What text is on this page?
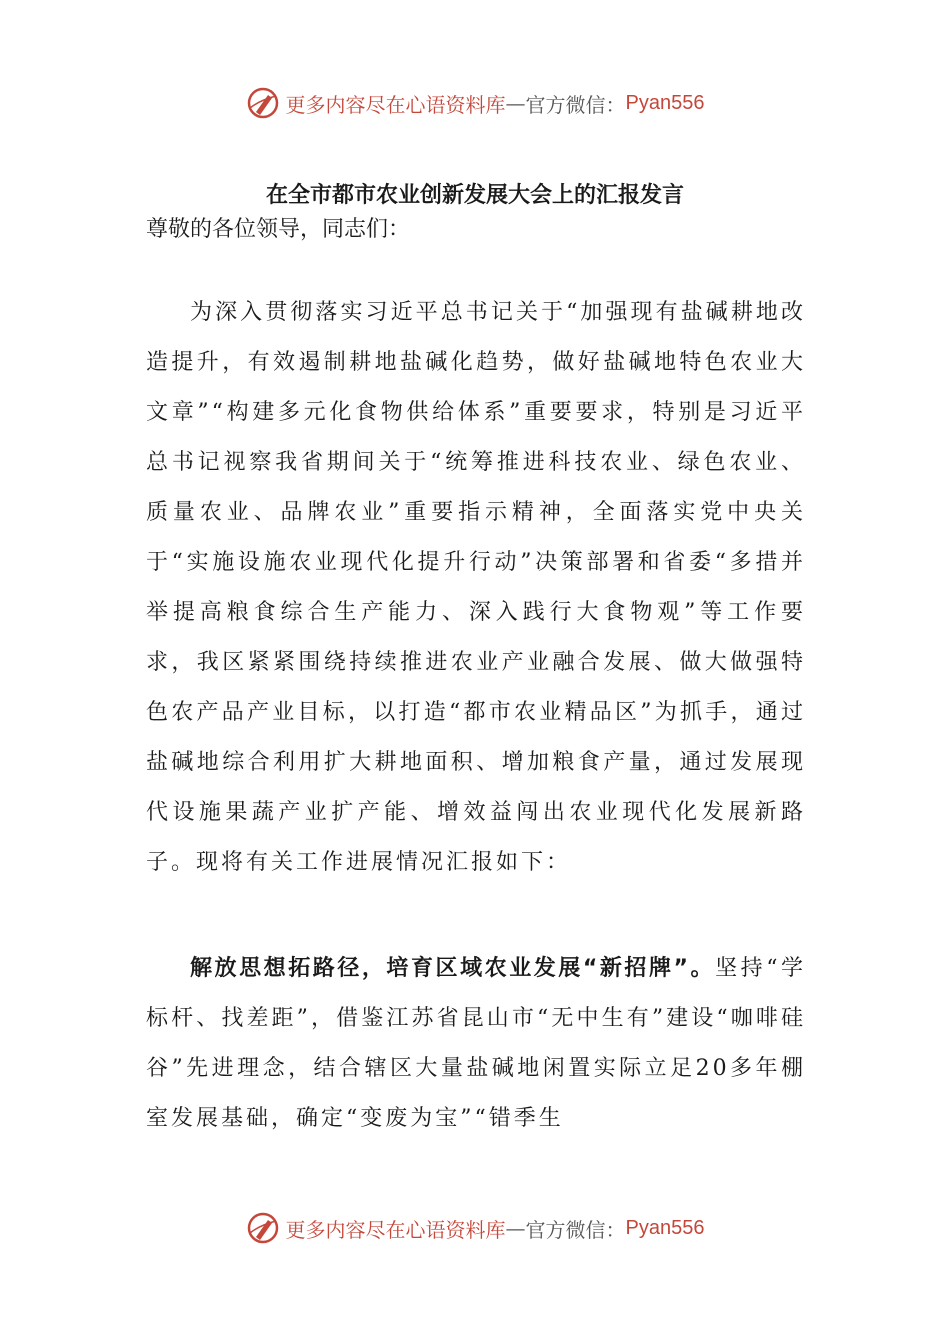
更多内容尽在心语资料库 — 官方微信： Pyan556
在全市都市农业创新发展大会上的汇报发言
尊敬的各位领导，同志们：

为深入贯彻落实习近平总书记关于“加强现有盐碱耕地改造提升，有效遏制耕地盐碱化趋势，做好盐碱地特色农业大文章”“构建多元化食物供给体系”重要要求，特别是习近平总书记视察我省期间关于“统筹推进科技农业、绿色农业、质量农业、品牌农业”重要指示精神，全面落实党中央关于“实施设施农业现代化提升行动”决策部署和省委“多措并举提高粮食综合生产能力、深入践行大食物观”等工作要求，我区紧紧围绕持续推进农业产业融合发展、做大做强特色农产品产业目标，以打造“都市农业精品区”为抓手，通过盐碱地综合利用扩大耕地面积、增加粮食产量，通过发展现代设施果蔬产业扩产能、增效益闯出农业现代化发展新路子。现将有关工作进展情况汇报如下：

解放思想拓路径，培育区域农业发展“新招牌”。坚持“学标杆、找差距”，借鉴江苏省昆山市“无中生有”建设“咖啡硅谷”先进理念，结合辖区大量盐碱地闲置实际立足20多年棚室发展基础，确定“变废为宝”“错季生

更多内容尽在心语资料库 — 官方微信： Pyan556
